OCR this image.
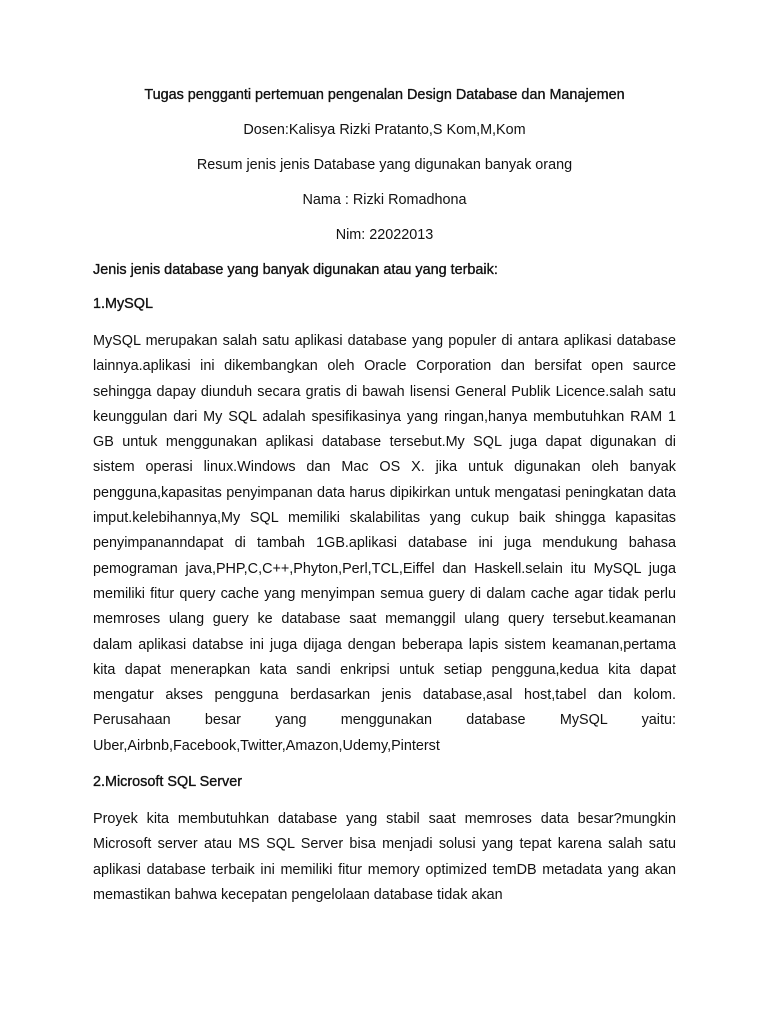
Tugas pengganti pertemuan pengenalan Design Database dan Manajemen

Dosen:Kalisya Rizki Pratanto,S Kom,M,Kom

Resum jenis jenis Database yang digunakan banyak orang

Nama : Rizki Romadhona

Nim: 22022013

Jenis jenis database yang banyak digunakan atau yang terbaik:

1.MySQL

MySQL merupakan salah satu aplikasi database yang populer di antara aplikasi database lainnya.aplikasi ini dikembangkan oleh Oracle Corporation dan bersifat open saurce sehingga dapay diunduh secara gratis di bawah lisensi General Publik Licence.salah satu keunggulan dari My SQL adalah spesifikasinya yang ringan,hanya membutuhkan RAM 1 GB untuk menggunakan aplikasi database tersebut.My SQL juga dapat digunakan di sistem operasi linux.Windows dan Mac OS X. jika untuk digunakan oleh banyak pengguna,kapasitas penyimpanan data harus dipikirkan untuk mengatasi peningkatan data imput.kelebihannya,My SQL memiliki skalabilitas yang cukup baik shingga kapasitas penyimpananndapat di tambah 1GB.aplikasi database ini juga mendukung bahasa pemograman java,PHP,C,C++,Phyton,Perl,TCL,Eiffel dan Haskell.selain itu MySQL juga memiliki fitur query cache yang menyimpan semua guery di dalam cache agar tidak perlu memroses ulang guery ke database saat memanggil ulang query tersebut.keamanan dalam aplikasi databse ini juga dijaga dengan beberapa lapis sistem keamanan,pertama kita dapat menerapkan kata sandi enkripsi untuk setiap pengguna,kedua kita dapat mengatur akses pengguna berdasarkan jenis database,asal host,tabel dan kolom. Perusahaan besar yang menggunakan database MySQL yaitu: Uber,Airbnb,Facebook,Twitter,Amazon,Udemy,Pinterst

2.Microsoft SQL Server

Proyek kita membutuhkan database yang stabil saat memroses data besar?mungkin Microsoft server atau MS SQL Server bisa menjadi solusi yang tepat karena salah satu aplikasi database terbaik ini memiliki fitur memory optimized temDB metadata yang akan memastikan bahwa kecepatan pengelolaan database tidak akan
